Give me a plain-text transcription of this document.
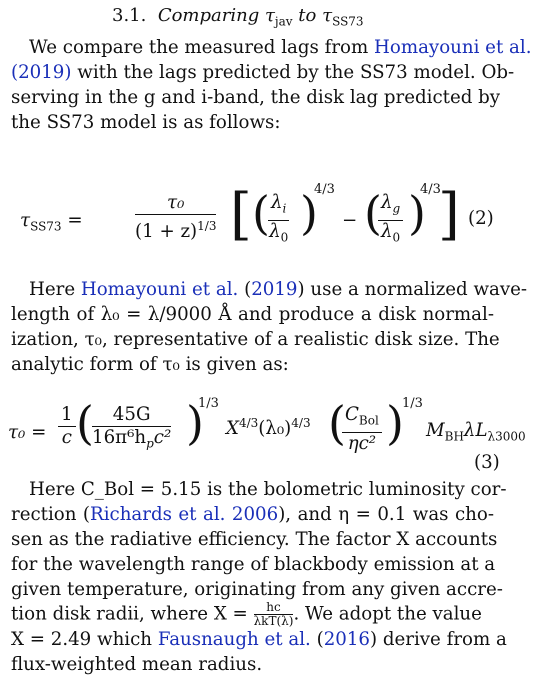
3.1. Comparing $\tau_{jav}$ to $\tau_{SS73}$
We compare the measured lags from Homayouni et al.
(2019) with the lags predicted by the SS73 model. Ob-
serving in the g and i-band, the disk lag predicted by
the SS73 model is as follows:
$\tau_{SS73}$ =	$\frac{\text{τ₀}}{(1 + z)^{1/3}}$ [ (
$\frac{\lambda_i}{\lambda_0}$ )
4/3
− (
$\frac{\lambda_g}{\lambda_0}$ )
4/3
] (2)
Here Homayouni et al. (2019) use a normalized wave-
length of λ₀ = λ/9000 Å and produce a disk normal-
ization, τ₀, representative of a realistic disk size. The
analytic form of τ₀ is given as:
$\tau_0 = \frac{1}{c}$ (
$\frac{45G}{16\pi^6h_pc^2}$ )
1/3
$X^{4/3}(\lambda_0)^{4/3}$ (
$\frac{C_{Bol}}{\text{ηc²}}$ )
1/3
$M_{BH}\lambda L_{\lambda 3000}$
(3)
Here C_Bol = 5.15 is the bolometric luminosity cor-
rection (Richards et al. 2006), and η = 0.1 was cho-
sen as the radiative efficiency. The factor X accounts
for the wavelength range of blackbody emission at a
given temperature, originating from any given accre-
tion disk radii, where $X = \frac{hc}{\text{λkT(λ)}}$ . We adopt the value
X = 2.49 which Fausnaugh et al. (2016) derive from a
flux-weighted mean radius.
